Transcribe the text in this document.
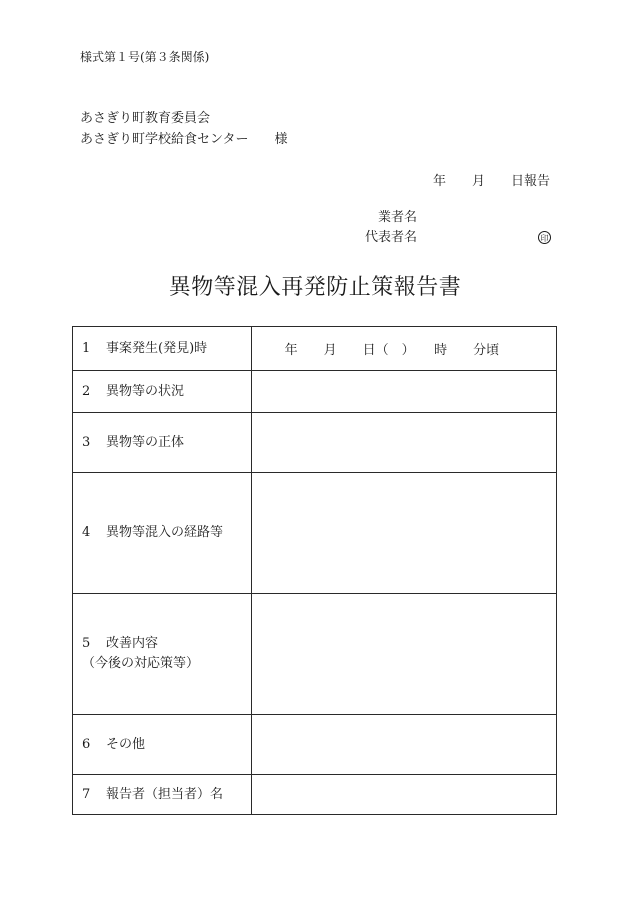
様式第１号(第３条関係)
あさぎり町教育委員会
あさぎり町学校給食センター　　様
年　　月　　日報告
業者名
代表者名	印
異物等混入再発防止策報告書
1 事案発生(発見)時	年　　月　　日（　）　　時　　分頃

2 異物等の状況	
3 異物等の正体	
4 異物等混入の経路等	

5 改善内容
（今後の対応策等）	

6 その他	
7 報告者（担当者）名	
